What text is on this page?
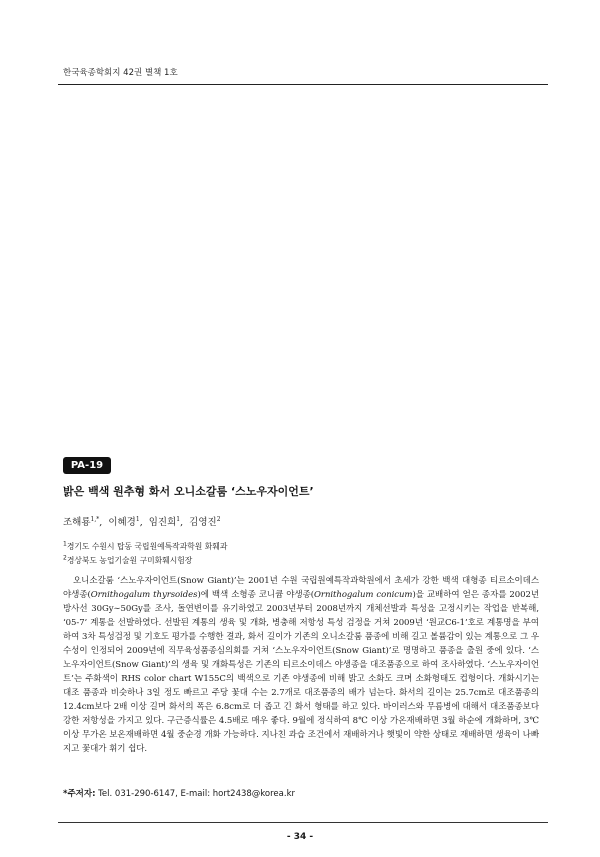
한국육종학회지 42권 별책 1호
PA-19
밝은 백색 원추형 화서 오니소갈룸 ‘스노우자이언트’
조해룡$^{1,*}$,  이혜경$^1$,  임진희$^1$,  김영진$^2$
$^1$경기도 수원시 탑동 국립원예특작과학원 화훼과
$^2$경상북도 농업기술원 구미화훼시험장

오니소갈룸 ‘스노우자이언트(Snow Giant)’는 2001년 수원 국립원예특작과학원에서 초세가 강한 백색 대형종 티르소이데스 야생종(Ornithogalum thyrsoides)에 백색 소형종 코니큠 야생종(Ornithogalum conicum)을 교배하여 얻은 종자를 2002년 방사선 30Gy∼50Gy를 조사, 돌연변이를 유기하였고 2003년부터 2008년까지 개체선발과 특성을 고정시키는 작업을 반복해, ‘05-7’ 계통을 선발하였다. 선발된 계통의 생육 및 개화, 병충해 저항성 특성 검정을 거쳐 2009년 ‘원교C6-1’호로 계통명을 부여하여 3차 특성검정 및 기호도 평가를 수행한 결과, 화서 길이가 기존의 오니소갈룸 품종에 비해 길고 볼륨감이 있는 계통으로 그 우수성이 인정되어 2009년에 직무육성품종심의회를 거쳐 ‘스노우자이언트(Snow Giant)’로 명명하고 품종을 출원 중에 있다. ‘스노우자이언트(Snow Giant)’의 생육 및 개화특성은 기존의 티르소이데스 야생종을 대조품종으로 하여 조사하였다. ‘스노우자이언트’는 주화색이 RHS color chart W155C의 백색으로 기존 야생종에 비해 밝고 소화도 크며 소화형태도 컵형이다. 개화시기는 대조 품종과 비슷하나 3일 정도 빠르고 주당 꽃대 수는 2.7개로 대조품종의 배가 넘는다. 화서의 길이는 25.7cm로 대조품종의 12.4cm보다 2배 이상 길며 화서의 폭은 6.8cm로 더 좁고 긴 화서 형태를 하고 있다. 바이러스와 무름병에 대해서 대조품종보다 강한 저항성을 가지고 있다. 구근증식률은 4.5배로 매우 좋다. 9월에 정식하여 8℃ 이상 가온재배하면 3월 하순에 개화하며, 3℃ 이상 무가온 보온재배하면 4월 중순경 개화 가능하다. 지나친 과습 조건에서 재배하거나 햇빛이 약한 상태로 재배하면 생육이 나빠지고 꽃대가 휘기 쉽다.

*주저자: Tel. 031-290-6147, E-mail: hort2438@korea.kr
- 34 -
